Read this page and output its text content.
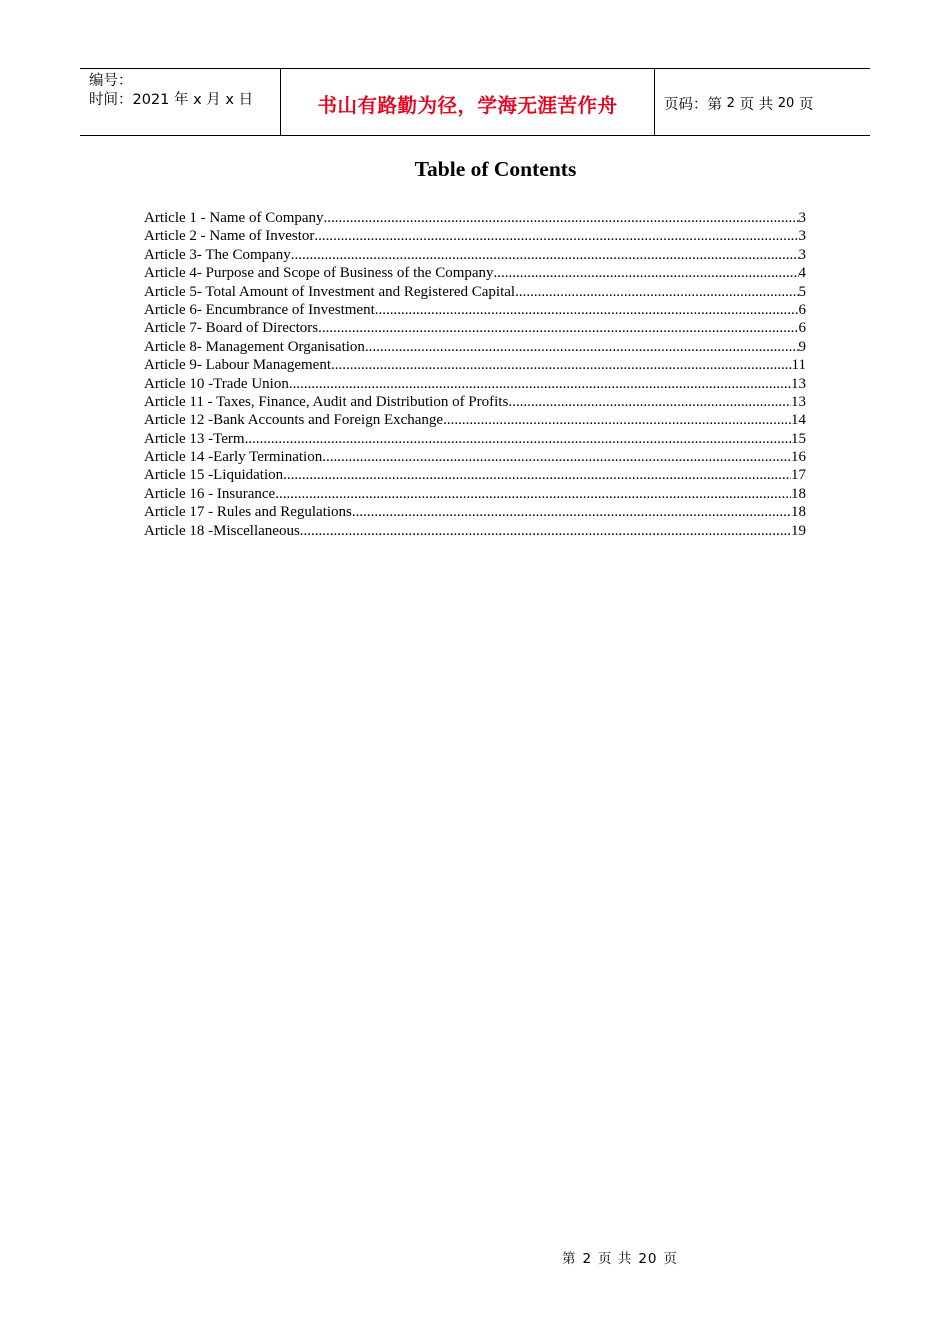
编号：
时间：2021 年 x 月 x 日	书山有路勤为径，学海无涯苦作舟	页码：第
2
页 共
20
页
Table of Contents
Article 1 - Name of Company .....	3
Article 2 - Name of Investor .....	3
Article 3- The Company .....	3
Article 4- Purpose and Scope of Business of the Company .....	4
Article 5- Total Amount of Investment and Registered Capital .....	5
Article 6- Encumbrance of Investment .....	6
Article 7- Board of Directors .....	6
Article 8- Management Organisation .....	9
Article 9- Labour Management .....	11
Article 10 -Trade Union .....	13
Article 11 - Taxes, Finance, Audit and Distribution of Profits .....	13
Article 12 -Bank Accounts and Foreign Exchange .....	14
Article 13 -Term .....	15
Article 14 -Early Termination .....	16
Article 15 -Liquidation .....	17
Article 16 - Insurance .....	18
Article 17 - Rules and Regulations .....	18
Article 18 -Miscellaneous .....	19
第 2 页 共 20 页
